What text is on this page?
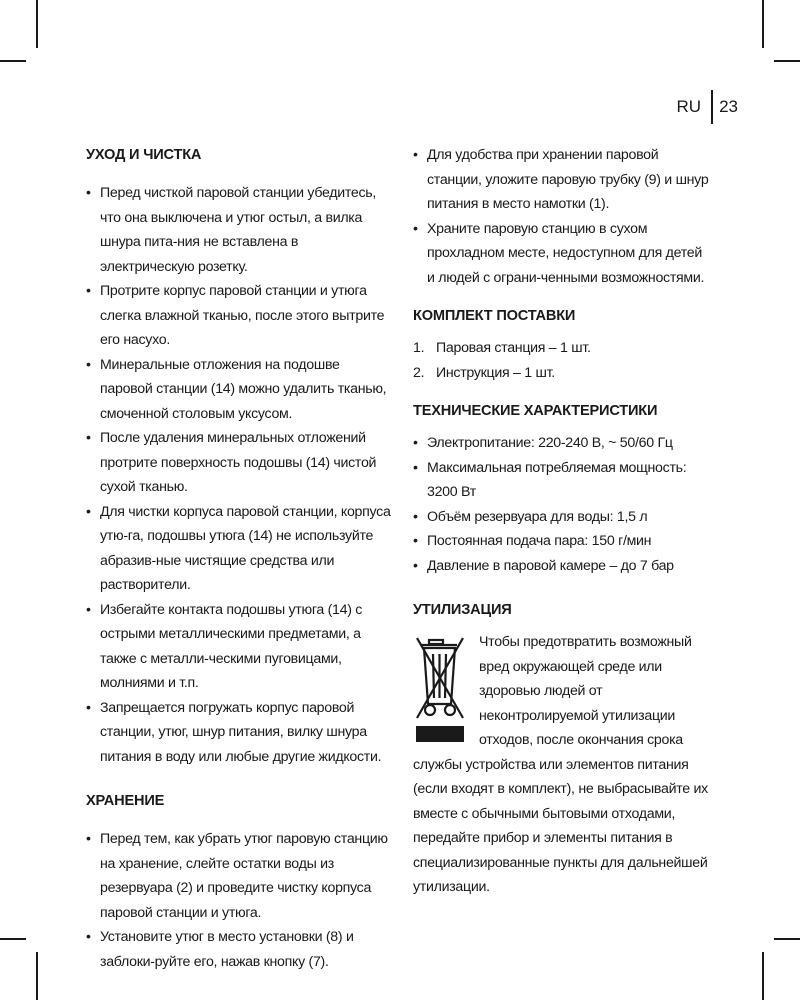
RU 23
УХОД И ЧИСТКА
• Перед чисткой паровой станции убедитесь, что она выключена и утюг остыл, а вилка шнура пита-ния не вставлена в электрическую розетку.
• Протрите корпус паровой станции и утюга слегка влажной тканью, после этого вытрите его насухо.
• Минеральные отложения на подошве паровой станции (14) можно удалить тканью, смоченной столовым уксусом.
• После удаления минеральных отложений протрите поверхность подошвы (14) чистой сухой тканью.
• Для чистки корпуса паровой станции, корпуса утю-га, подошвы утюга (14) не используйте абразив-ные чистящие средства или растворители.
• Избегайте контакта подошвы утюга (14) с острыми металлическими предметами, а также с металли-ческими пуговицами, молниями и т.п.
• Запрещается погружать корпус паровой станции, утюг, шнур питания, вилку шнура питания в воду или любые другие жидкости.
ХРАНЕНИЕ
• Перед тем, как убрать утюг паровую станцию на хранение, слейте остатки воды из резервуара (2) и проведите чистку корпуса паровой станции и утюга.
• Установите утюг в место установки (8) и заблоки-руйте его, нажав кнопку (7).
• Для удобства при хранении паровой станции, уложите паровую трубку (9) и шнур питания в место намотки (1).
• Храните паровую станцию в сухом прохладном месте, недоступном для детей и людей с ограни-ченными возможностями.
КОМПЛЕКТ ПОСТАВКИ
1. Паровая станция – 1 шт.
2. Инструкция – 1 шт.
ТЕХНИЧЕСКИЕ ХАРАКТЕРИСТИКИ
• Электропитание: 220-240 В, ~ 50/60 Гц
• Максимальная потребляемая мощность: 3200 Вт
• Объём резервуара для воды: 1,5 л
• Постоянная подача пара: 150 г/мин
• Давление в паровой камере – до 7 бар
УТИЛИЗАЦИЯ

Чтобы предотвратить возможный вред окружающей среде или здоровью людей от неконтролируемой утилизации отходов, после окончания срока службы устройства или элементов питания (если входят в комплект), не выбрасывайте их вместе с обычными бытовыми отходами, передайте прибор и элементы питания в специализированные пункты для дальнейшей утилизации.
